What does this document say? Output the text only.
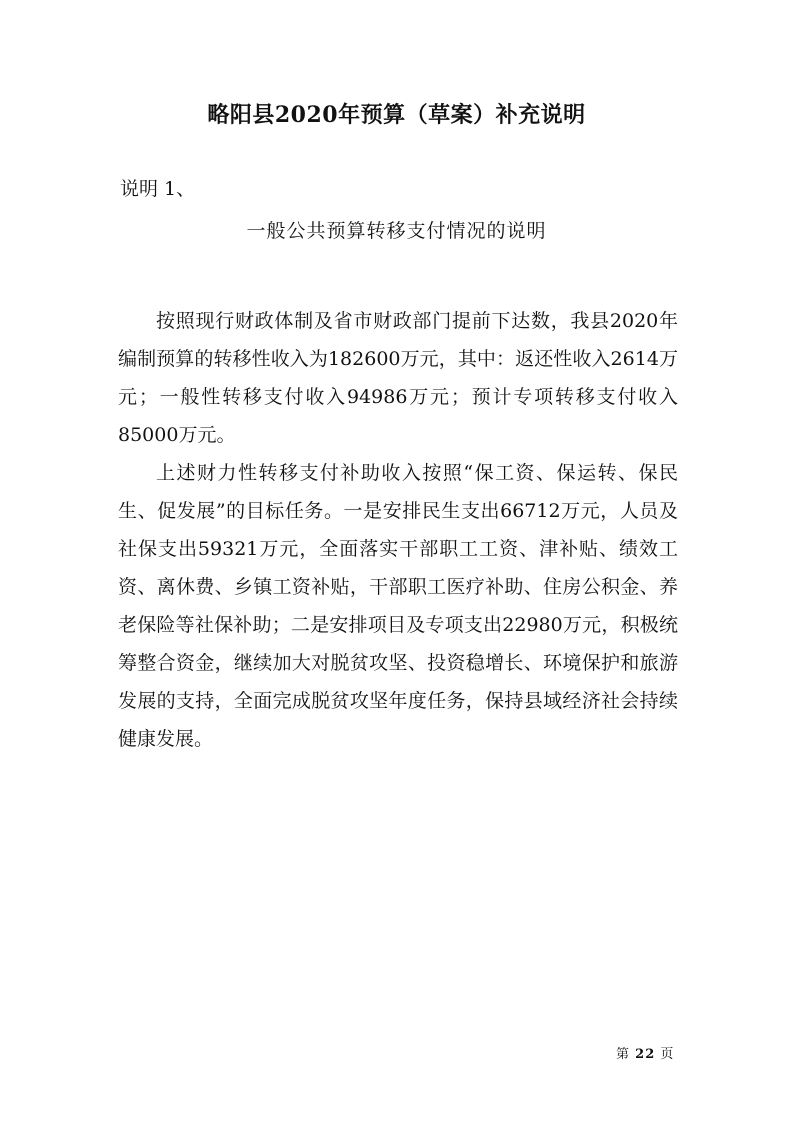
略阳县2020年预算（草案）补充说明
说明 1、
一般公共预算转移支付情况的说明

按照现行财政体制及省市财政部门提前下达数，我县2020年编制预算的转移性收入为182600万元，其中：返还性收入2614万元；一般性转移支付收入94986万元；预计专项转移支付收入85000万元。

上述财力性转移支付补助收入按照“保工资、保运转、保民生、促发展”的目标任务。一是安排民生支出66712万元，人员及社保支出59321万元，全面落实干部职工工资、津补贴、绩效工资、离休费、乡镇工资补贴，干部职工医疗补助、住房公积金、养老保险等社保补助；二是安排项目及专项支出22980万元，积极统筹整合资金，继续加大对脱贫攻坚、投资稳增长、环境保护和旅游发展的支持，全面完成脱贫攻坚年度任务，保持县域经济社会持续健康发展。

第 22 页
